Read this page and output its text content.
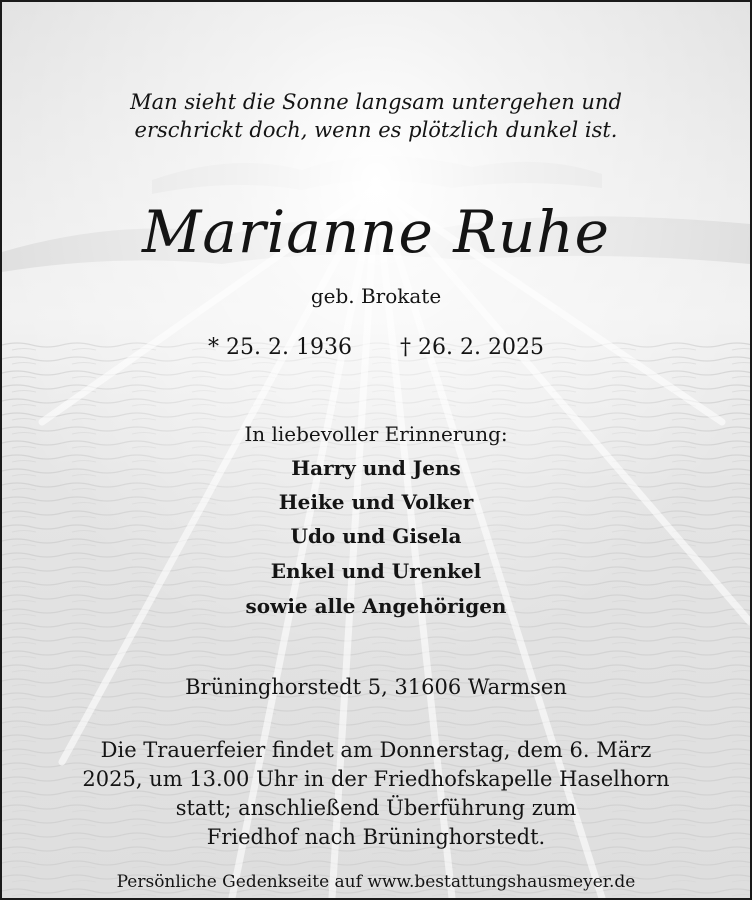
Man sieht die Sonne langsam untergehen und
erschrickt doch, wenn es plötzlich dunkel ist.
Marianne Ruhe
geb. Brokate
* 25. 2. 1936 † 26. 2. 2025
In liebevoller Erinnerung:
Harry und Jens
Heike und Volker
Udo und Gisela
Enkel und Urenkel
sowie alle Angehörigen
Brüninghorstedt 5, 31606 Warmsen
Die Trauerfeier findet am Donnerstag, dem 6. März
2025, um 13.00 Uhr in der Friedhofskapelle Haselhorn
statt; anschließend Überführung zum
Friedhof nach Brüninghorstedt.
Persönliche Gedenkseite auf www.bestattungshausmeyer.de
